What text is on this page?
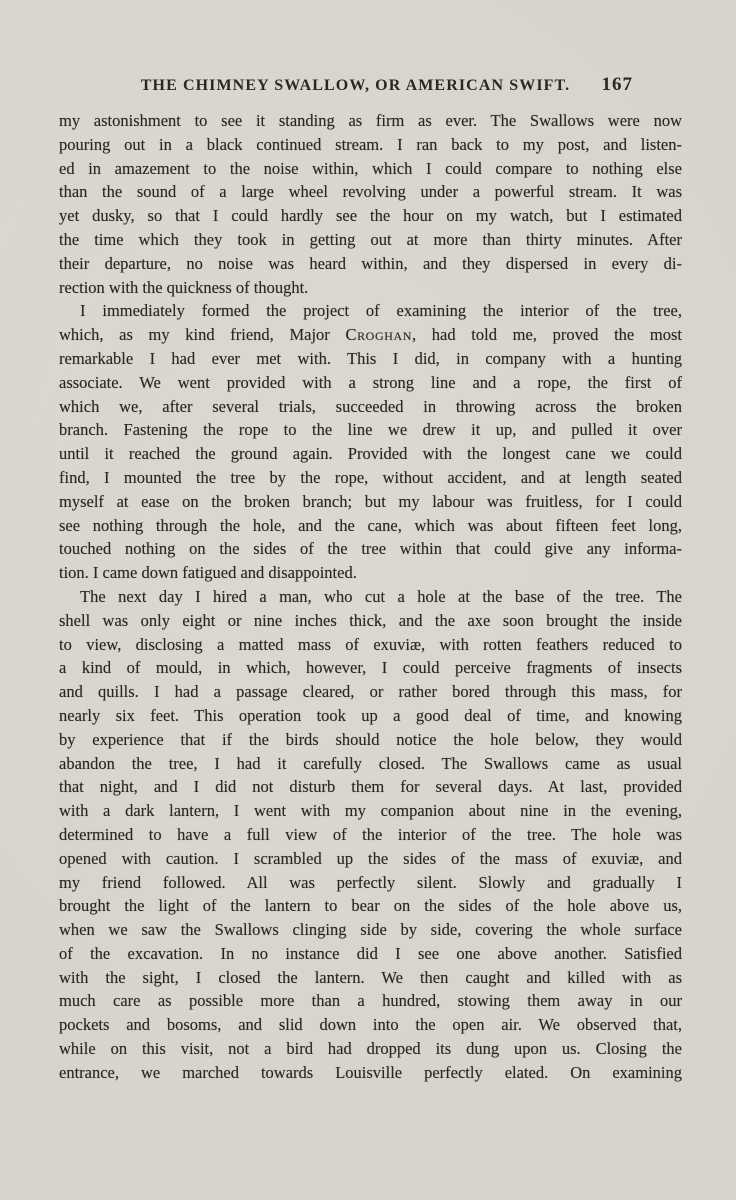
THE CHIMNEY SWALLOW, OR AMERICAN SWIFT.	167
my astonishment to see it standing as firm as ever. The Swallows were now
pouring out in a black continued stream. I ran back to my post, and listen-
ed in amazement to the noise within, which I could compare to nothing else
than the sound of a large wheel revolving under a powerful stream. It was
yet dusky, so that I could hardly see the hour on my watch, but I estimated
the time which they took in getting out at more than thirty minutes. After
their departure, no noise was heard within, and they dispersed in every di-
rection with the quickness of thought.
I immediately formed the project of examining the interior of the tree,
which, as my kind friend, Major Croghan, had told me, proved the most
remarkable I had ever met with. This I did, in company with a hunting
associate. We went provided with a strong line and a rope, the first of
which we, after several trials, succeeded in throwing across the broken
branch. Fastening the rope to the line we drew it up, and pulled it over
until it reached the ground again. Provided with the longest cane we could
find, I mounted the tree by the rope, without accident, and at length seated
myself at ease on the broken branch; but my labour was fruitless, for I could
see nothing through the hole, and the cane, which was about fifteen feet long,
touched nothing on the sides of the tree within that could give any informa-
tion. I came down fatigued and disappointed.
The next day I hired a man, who cut a hole at the base of the tree. The
shell was only eight or nine inches thick, and the axe soon brought the inside
to view, disclosing a matted mass of exuviæ, with rotten feathers reduced to
a kind of mould, in which, however, I could perceive fragments of insects
and quills. I had a passage cleared, or rather bored through this mass, for
nearly six feet. This operation took up a good deal of time, and knowing
by experience that if the birds should notice the hole below, they would
abandon the tree, I had it carefully closed. The Swallows came as usual
that night, and I did not disturb them for several days. At last, provided
with a dark lantern, I went with my companion about nine in the evening,
determined to have a full view of the interior of the tree. The hole was
opened with caution. I scrambled up the sides of the mass of exuviæ, and
my friend followed. All was perfectly silent. Slowly and gradually I
brought the light of the lantern to bear on the sides of the hole above us,
when we saw the Swallows clinging side by side, covering the whole surface
of the excavation. In no instance did I see one above another. Satisfied
with the sight, I closed the lantern. We then caught and killed with as
much care as possible more than a hundred, stowing them away in our
pockets and bosoms, and slid down into the open air. We observed that,
while on this visit, not a bird had dropped its dung upon us. Closing the
entrance, we marched towards Louisville perfectly elated. On examining
